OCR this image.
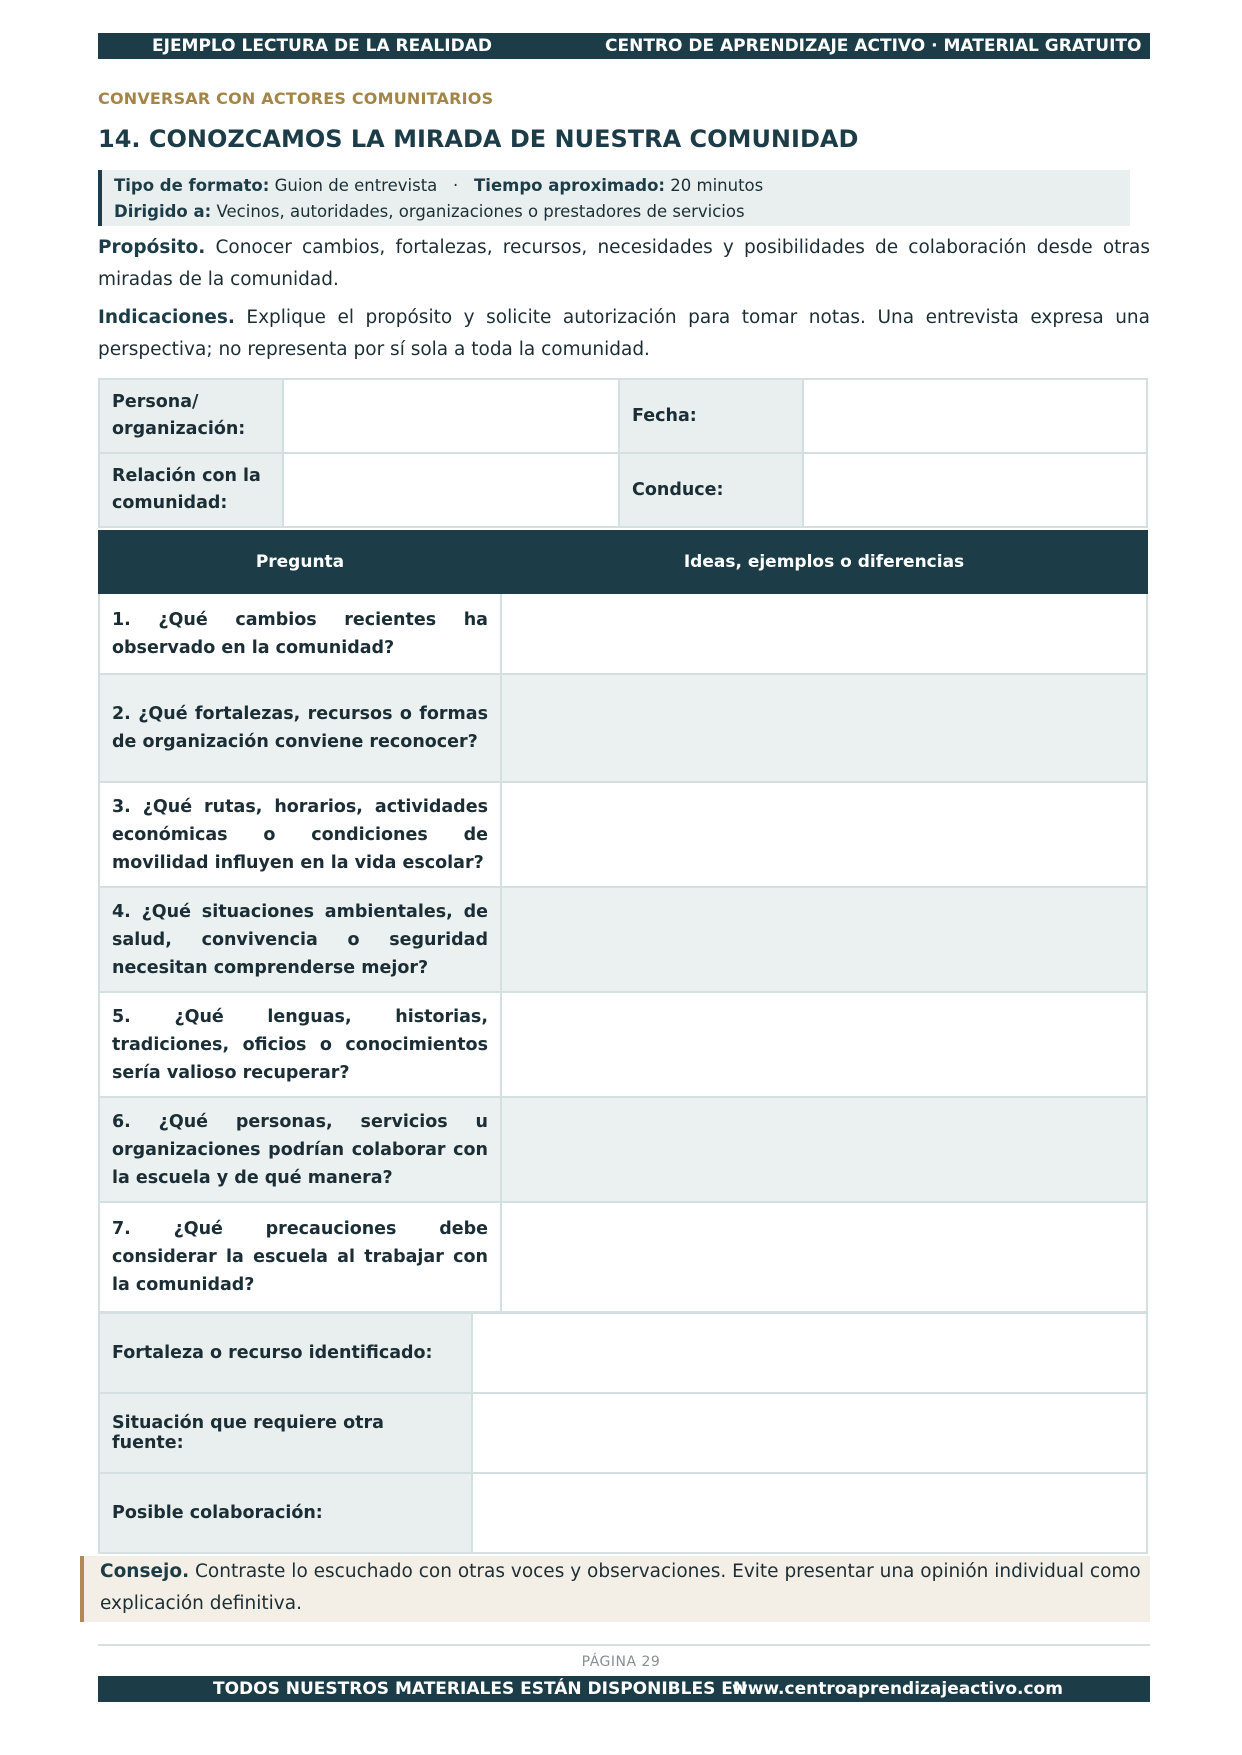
EJEMPLO LECTURA DE LA REALIDAD	CENTRO DE APRENDIZAJE ACTIVO · MATERIAL GRATUITO
CONVERSAR CON ACTORES COMUNITARIOS
14. CONOZCAMOS LA MIRADA DE NUESTRA COMUNIDAD
Tipo de formato: Guion de entrevista · Tiempo aproximado: 20 minutos
Dirigido a: Vecinos, autoridades, organizaciones o prestadores de servicios
Propósito. Conocer cambios, fortalezas, recursos, necesidades y posibilidades de colaboración desde otras miradas de la comunidad.
Indicaciones. Explique el propósito y solicite autorización para tomar notas. Una entrevista expresa una perspectiva; no representa por sí sola a toda la comunidad.
Persona/ organización:		Fecha:	
Relación con la comunidad:		Conduce:	
Pregunta	Ideas, ejemplos o diferencias
1. ¿Qué cambios recientes ha observado en la comunidad?	
2. ¿Qué fortalezas, recursos o formas de organización conviene reconocer?	
3. ¿Qué rutas, horarios, actividades económicas o condiciones de movilidad influyen en la vida escolar?	
4. ¿Qué situaciones ambientales, de salud, convivencia o seguridad necesitan comprenderse mejor?	
5. ¿Qué lenguas, historias, tradiciones, oficios o conocimientos sería valioso recuperar?	
6. ¿Qué personas, servicios u organizaciones podrían colaborar con la escuela y de qué manera?	
7. ¿Qué precauciones debe considerar la escuela al trabajar con la comunidad?	
Fortaleza o recurso identificado:	
Situación que requiere otra fuente:	
Posible colaboración:	
Consejo. Contraste lo escuchado con otras voces y observaciones. Evite presentar una opinión individual como explicación definitiva.
PÁGINA 29
TODOS NUESTROS MATERIALES ESTÁN DISPONIBLES EN
www.centroaprendizajeactivo.com
